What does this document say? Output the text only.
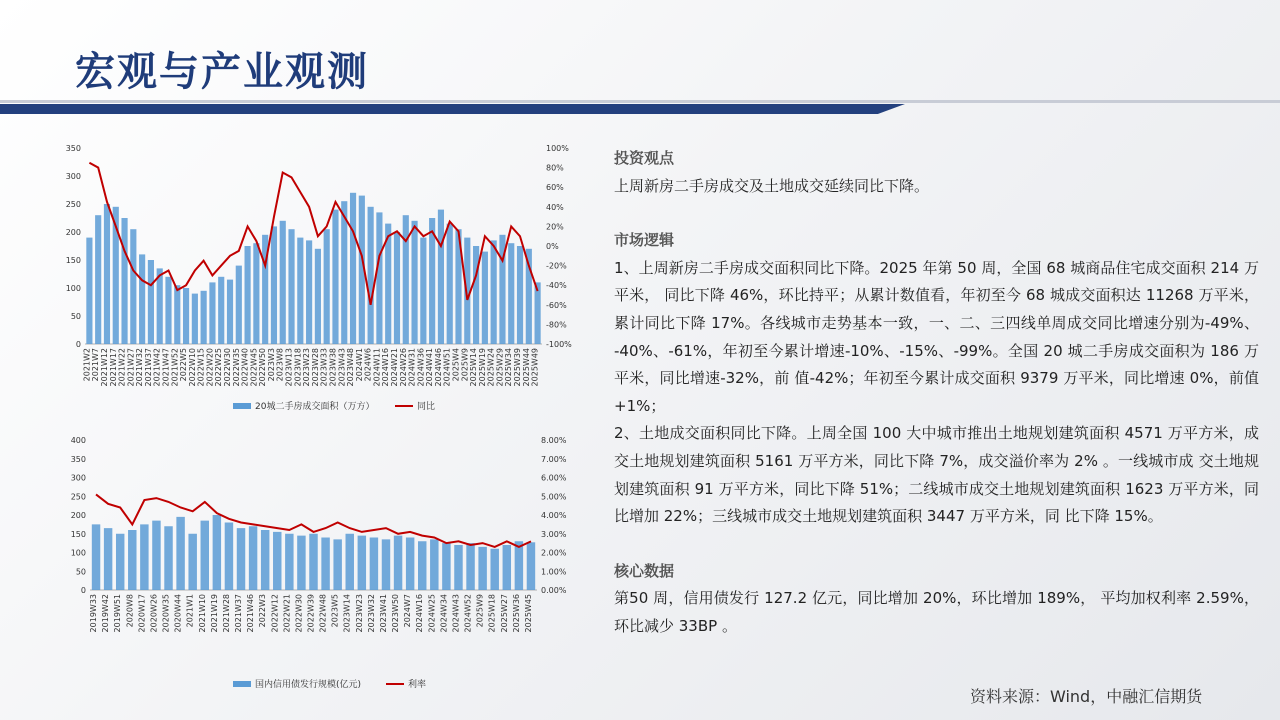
宏观与产业观测
0
50
100
150
200
250
300
350
-100%
-80%
-60%
-40%
-20%
0%
20%
40%
60%
80%
100%
2021W2 2021W7 2021W12 2021W17 2021W22 2021W27 2021W32 2021W37 2021W42 2021W47 2021W52 2022W5 2022W10 2022W15 2022W20 2022W25 2022W30 2022W35 2022W40 2022W45 2022W50 2023W3 2023W8 2023W13 2023W18 2023W23 2023W28 2023W33 2023W38 2023W43 2023W48 2024W1 2024W6 2024W11 2024W16 2024W21 2024W26 2024W31 2024W36 2024W41 2024W46 2024W51 2025W4 2025W9 2025W14 2025W19 2025W24 2025W29 2025W34 2025W39 2025W44 2025W49
20城二手房成交面积（万方）	同比
0
50
100
150
200
250
300
350
400
0.00%
1.00%
2.00%
3.00%
4.00%
5.00%
6.00%
7.00%
8.00%
2019W33 2019W42 2019W51 2020W8 2020W17 2020W26 2020W35 2020W44 2021W1 2021W10 2021W19 2021W28 2021W37 2021W46 2022W3 2022W12 2022W21 2022W30 2022W39 2022W48 2023W5 2023W14 2023W23 2023W32 2023W41 2023W50 2024W7 2024W16 2024W25 2024W34 2024W43 2024W52 2025W9 2025W18 2025W27 2025W36 2025W45
国内信用债发行规模(亿元)	利率
投资观点

上周新房二手房成交及土地成交延续同比下降。

市场逻辑

1、上周新房二手房成交面积同比下降。2025 年第 50 周，全国 68 城商品住宅成交面积 214 万平米， 同比下降 46%，环比持平；从累计数值看，年初至今 68 城成交面积达 11268 万平米， 累计同比下降 17%。各线城市走势基本一致，一、二、三四线单周成交同比增速分别为-49%、 -40%、-61%，年初至今累计增速-10%、-15%、-99%。全国 20 城二手房成交面积为 186 万平米，同比增速-32%，前 值-42%；年初至今累计成交面积 9379 万平米，同比增速 0%，前值+1%；

2、土地成交面积同比下降。上周全国 100 大中城市推出土地规划建筑面积 4571 万平方米，成 交土地规划建筑面积 5161 万平方米，同比下降 7%，成交溢价率为 2% 。一线城市成 交土地规划建筑面积 91 万平方米，同比下降 51%；二线城市成交土地规划建筑面积 1623 万平方米，同比增加 22%；三线城市成交土地规划建筑面积 3447 万平方米，同 比下降 15%。

核心数据

第50 周，信用债发行 127.2 亿元，同比增加 20%，环比增加 189%， 平均加权利率 2.59%，环比减少 33BP 。

资料来源：Wind，中融汇信期货
